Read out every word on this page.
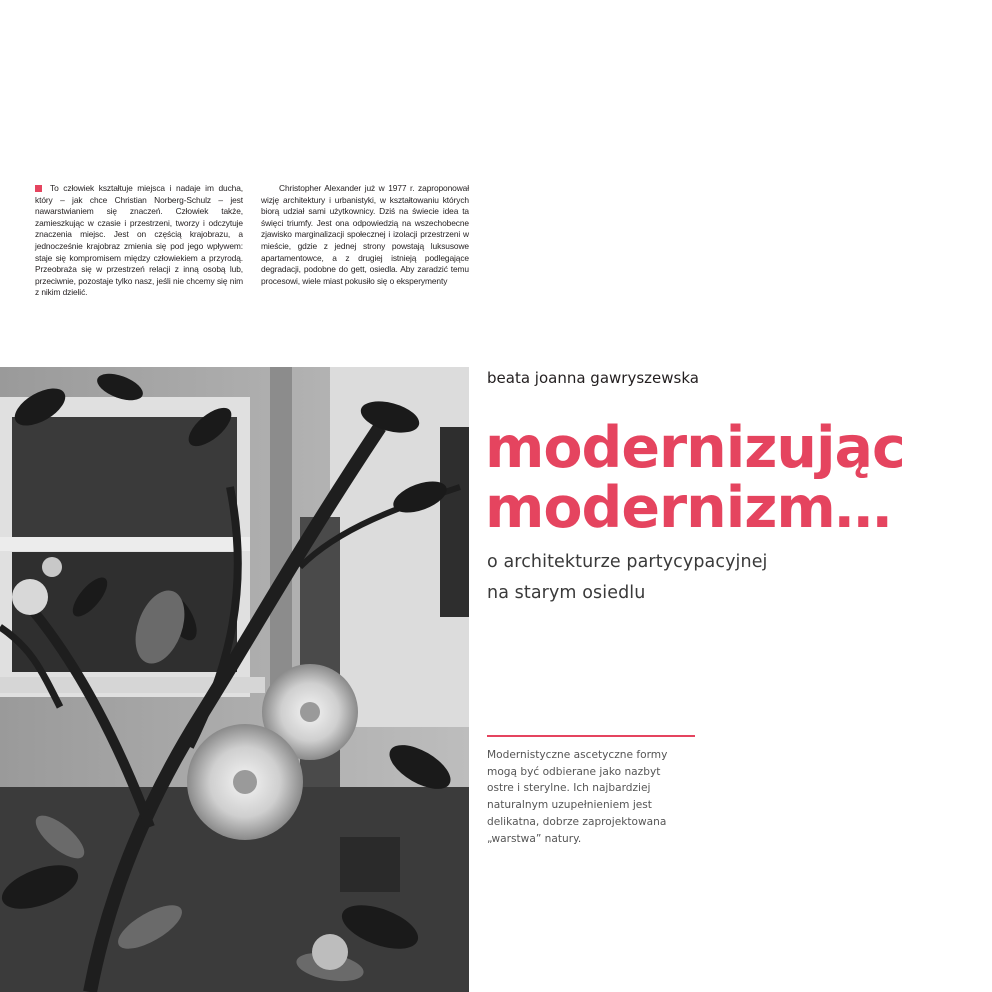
To człowiek kształtuje miejsca i nadaje im ducha, który – jak chce Christian Norberg-Schulz – jest nawarstwianiem się znaczeń. Człowiek także, zamieszkując w czasie i przestrzeni, tworzy i odczytuje znaczenia miejsc. Jest on częścią krajobrazu, a jednocześnie krajobraz zmienia się pod jego wpływem: staje się kompromisem między człowiekiem a przyrodą. Przeobraża się w przestrzeń relacji z inną osobą lub, przeciwnie, pozostaje tylko nasz, jeśli nie chcemy się nim z nikim dzielić.
Christopher Alexander już w 1977 r. zaproponował wizję architektury i urbanistyki, w kształtowaniu których biorą udział sami użytkownicy. Dziś na świecie idea ta święci triumfy. Jest ona odpowiedzią na wszechobecne zjawisko marginalizacji społecznej i izolacji przestrzeni w mieście, gdzie z jednej strony powstają luksusowe apartamentowce, a z drugiej istnieją podlegające degradacji, podobne do gett, osiedla. Aby zaradzić temu procesowi, wiele miast pokusiło się o eksperymenty
beata joanna gawryszewska
modernizując
modernizm…
o architekturze partycypacyjnej
na starym osiedlu
Modernistyczne ascetyczne formy
mogą być odbierane jako nazbyt
ostre i sterylne. Ich najbardziej
naturalnym uzupełnieniem jest
delikatna, dobrze zaprojektowana
„warstwa” natury.
